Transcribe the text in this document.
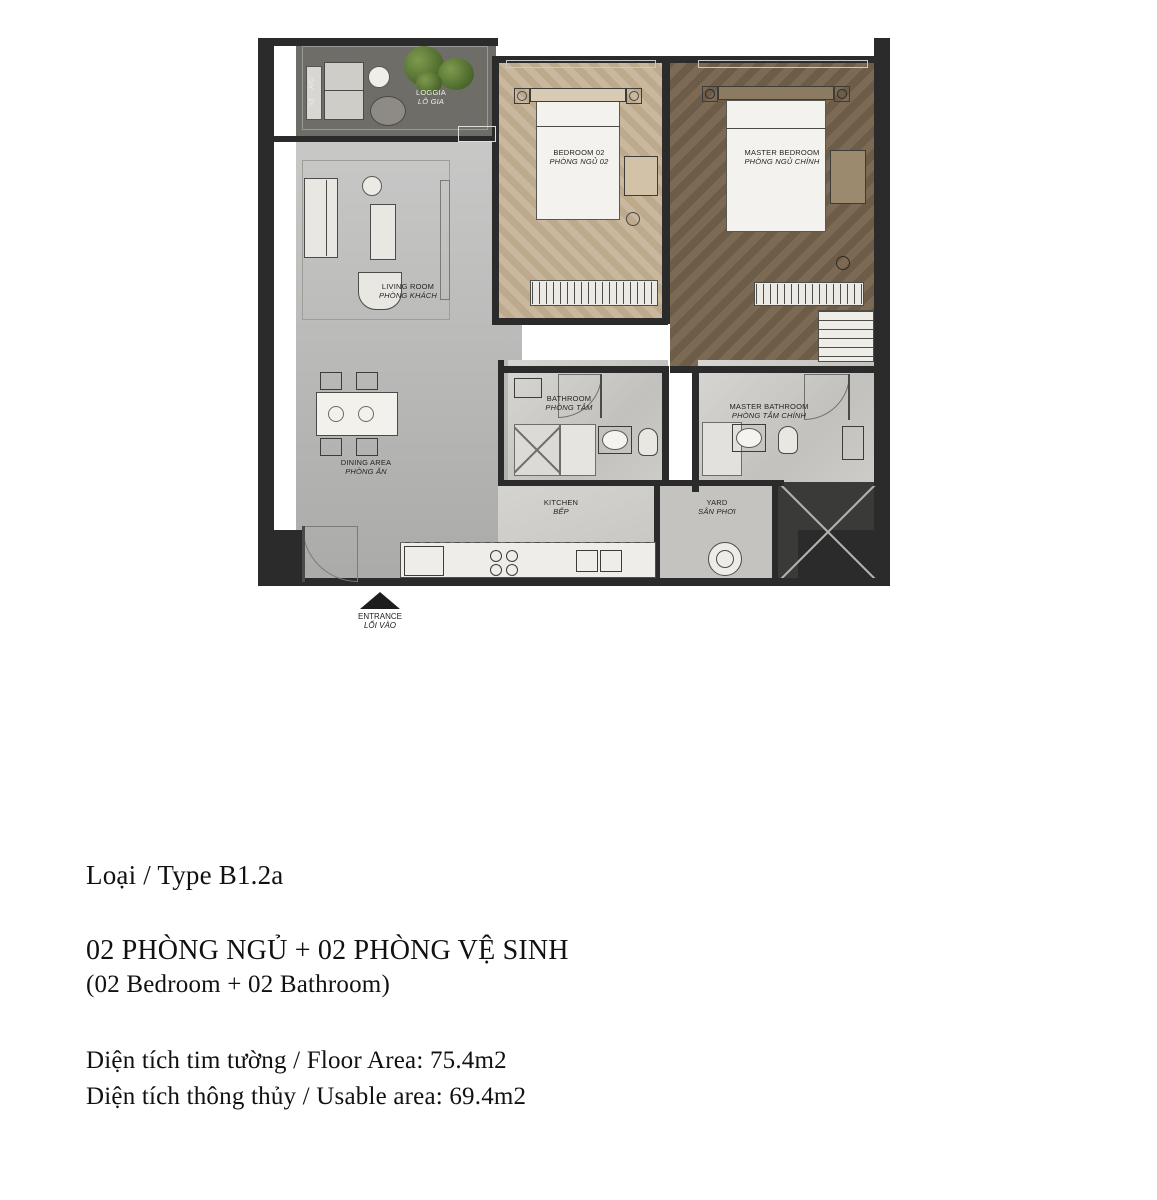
A/C
x2
LOGGIA
LÔ GIA
LIVING ROOM
PHÒNG KHÁCH
DINING AREA
PHÒNG ĂN
BEDROOM 02
PHÒNG NGỦ 02
MASTER BEDROOM
PHÒNG NGỦ CHÍNH
BATHROOM
PHÒNG TẮM	MASTER BATHROOM
PHÒNG TẮM CHÍNH
KITCHEN
BẾP
YARD
SÂN PHƠI
ENTRANCE
LỐI VÀO

Loại / Type B1.2a

02 PHÒNG NGỦ + 02 PHÒNG VỆ SINH

(02 Bedroom + 02 Bathroom)

Diện tích tim tường / Floor Area: 75.4m2

Diện tích thông thủy / Usable area: 69.4m2
